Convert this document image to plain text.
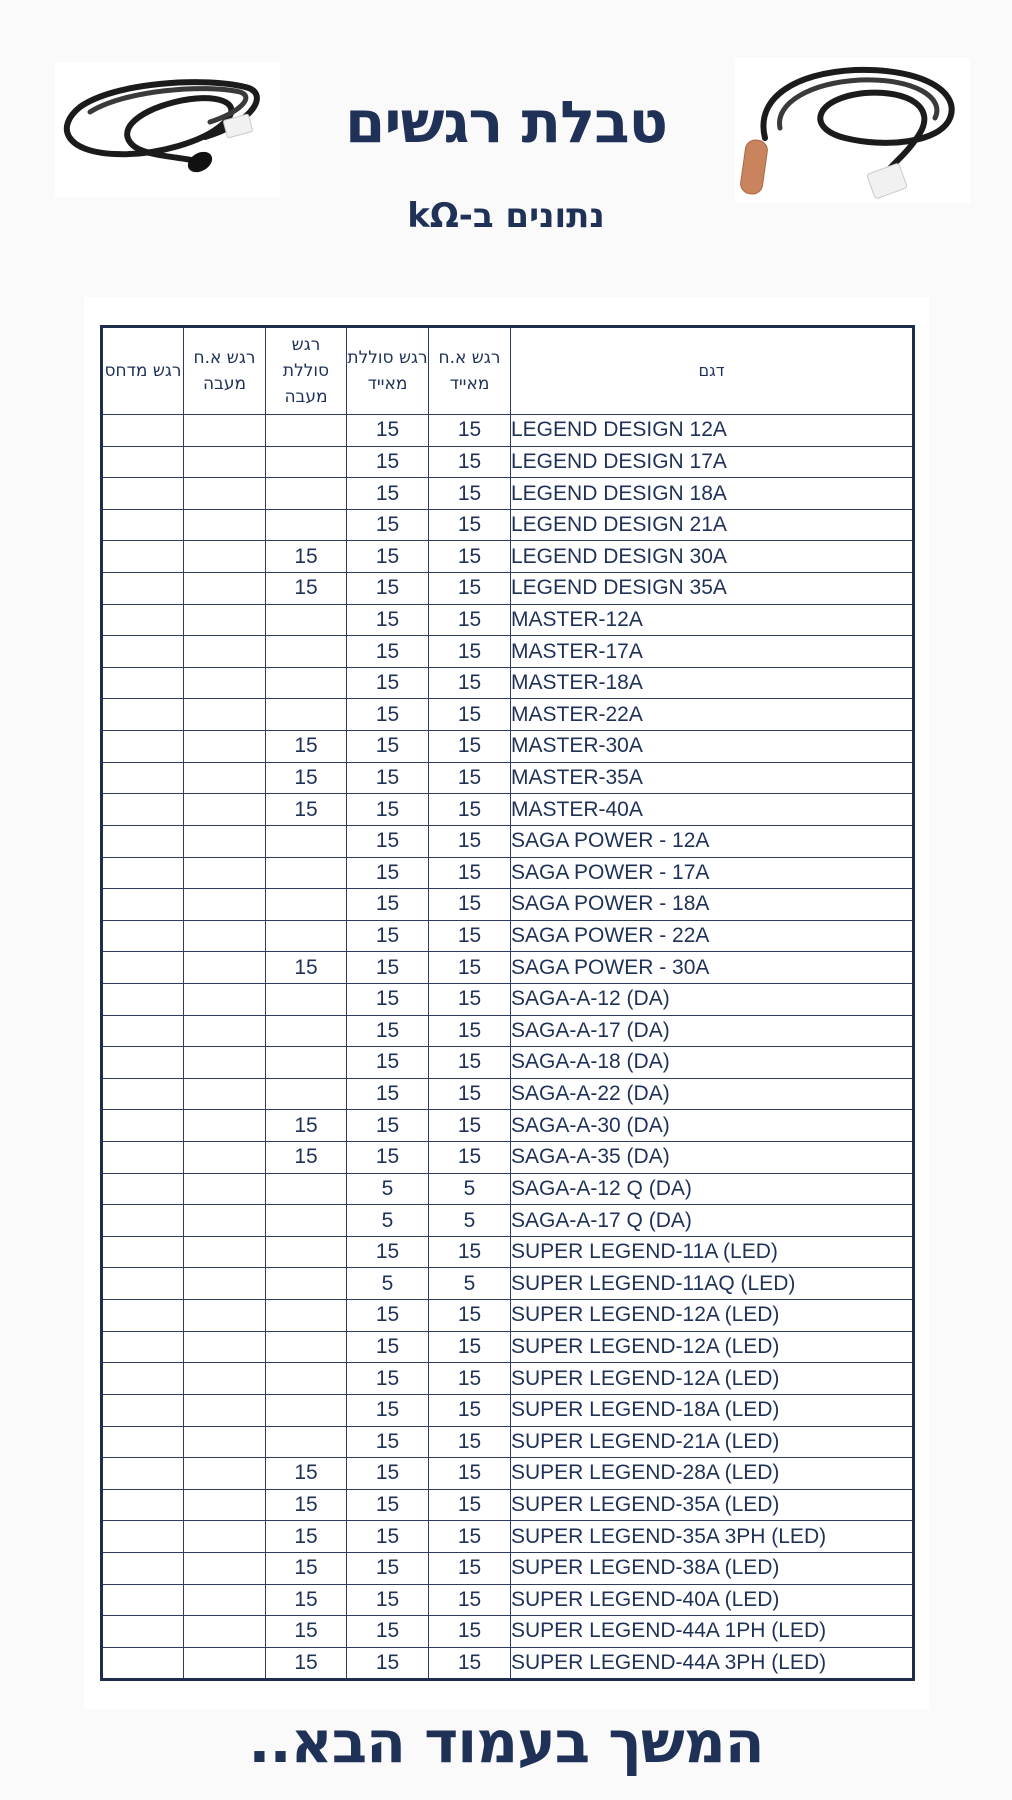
טבלת רגשים
נתונים ב-kΩ
רגש מדחס	רגש א.ח מעבה	רגש סוללת מעבה	רגש סוללת מאייד	רגש א.ח מאייד	דגם
			15	15	LEGEND DESIGN 12A
			15	15	LEGEND DESIGN 17A
			15	15	LEGEND DESIGN 18A
			15	15	LEGEND DESIGN 21A
		15	15	15	LEGEND DESIGN 30A
		15	15	15	LEGEND DESIGN 35A
			15	15	MASTER-12A
			15	15	MASTER-17A
			15	15	MASTER-18A
			15	15	MASTER-22A
		15	15	15	MASTER-30A
		15	15	15	MASTER-35A
		15	15	15	MASTER-40A
			15	15	SAGA POWER - 12A
			15	15	SAGA POWER - 17A
			15	15	SAGA POWER - 18A
			15	15	SAGA POWER - 22A
		15	15	15	SAGA POWER - 30A
			15	15	SAGA-A-12 (DA)
			15	15	SAGA-A-17 (DA)
			15	15	SAGA-A-18 (DA)
			15	15	SAGA-A-22 (DA)
		15	15	15	SAGA-A-30 (DA)
		15	15	15	SAGA-A-35 (DA)
			5	5	SAGA-A-12 Q (DA)
			5	5	SAGA-A-17 Q (DA)
			15	15	SUPER LEGEND-11A (LED)
			5	5	SUPER LEGEND-11AQ (LED)
			15	15	SUPER LEGEND-12A (LED)
			15	15	SUPER LEGEND-12A (LED)
			15	15	SUPER LEGEND-12A (LED)
			15	15	SUPER LEGEND-18A (LED)
			15	15	SUPER LEGEND-21A (LED)
		15	15	15	SUPER LEGEND-28A (LED)
		15	15	15	SUPER LEGEND-35A (LED)
		15	15	15	SUPER LEGEND-35A 3PH (LED)
		15	15	15	SUPER LEGEND-38A (LED)
		15	15	15	SUPER LEGEND-40A (LED)
		15	15	15	SUPER LEGEND-44A 1PH (LED)
		15	15	15	SUPER LEGEND-44A 3PH (LED)
המשך בעמוד הבא..
